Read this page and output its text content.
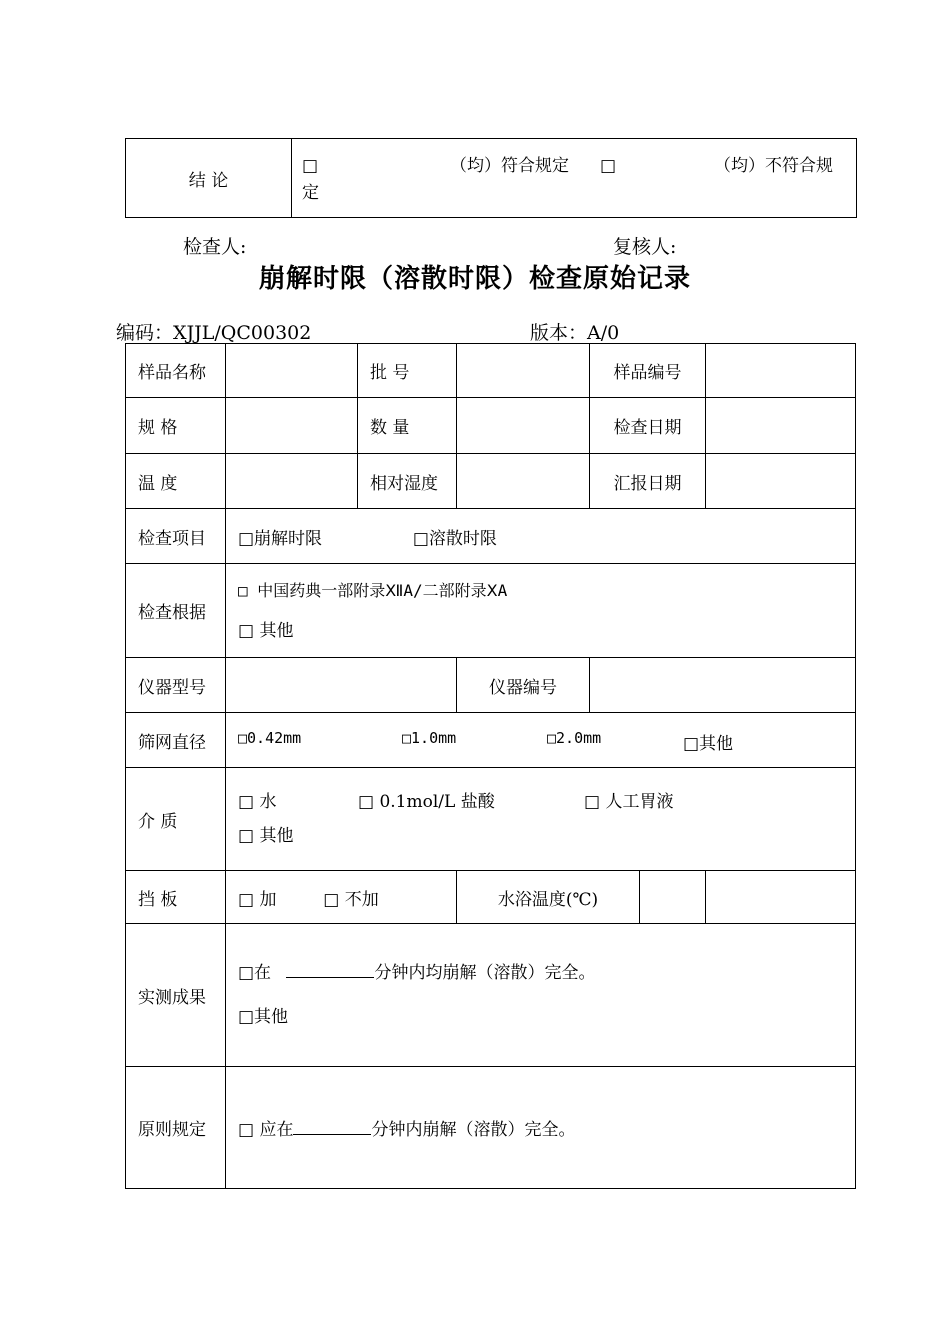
结 论	
□	（均）符合规定 □	（均）不符合规
定
检查人:	复核人:
崩解时限（溶散时限）检查原始记录
编码：XJJL/QC00302	版本：A/0
样品名称		批 号		样品编号	
规 格		数 量		检查日期	
温 度		相对湿度		汇报日期	
检查项目	□崩解时限 □溶散时限				
检查根据	□ 中国药典一部附录ⅫA/二部附录ⅩA
□ 其他				

仪器型号			仪器编号		
筛网直径	□0.42mm □1.0mm □2.0mm □其他				

介 质	□ 水 □ 0.1mol/L 盐酸 □ 人工胃液
□ 其他				

挡 板	□ 加 □ 不加		水浴温度(℃)		

实测成果	□在 分钟内均崩解（溶散）完全。
□其他				

原则规定	□ 应在 分钟内崩解（溶散）完全。				
